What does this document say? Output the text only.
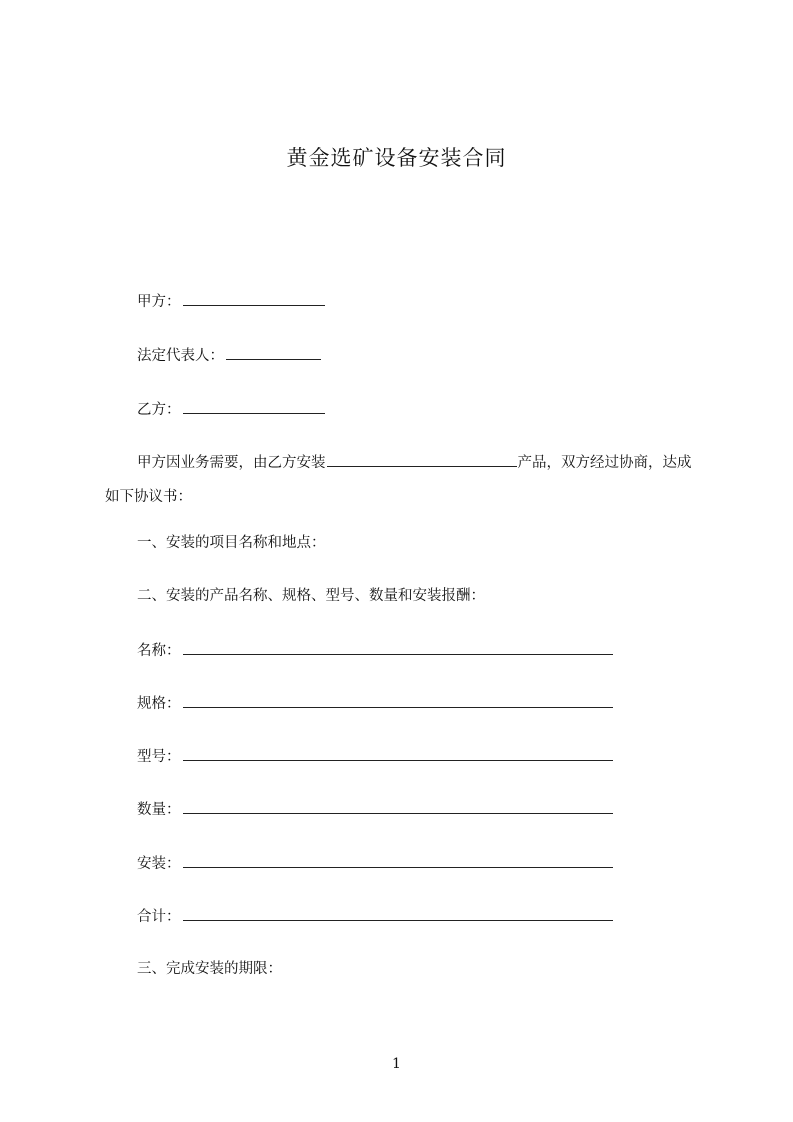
黄金选矿设备安装合同
甲方：
法定代表人：
乙方：
甲方因业务需要，由乙方安装	产品，双方经过协商，达成如下协议书：
一、安装的项目名称和地点：
二、安装的产品名称、规格、型号、数量和安装报酬：
名称：
规格：
型号：
数量：
安装：
合计：
三、完成安装的期限：
1
